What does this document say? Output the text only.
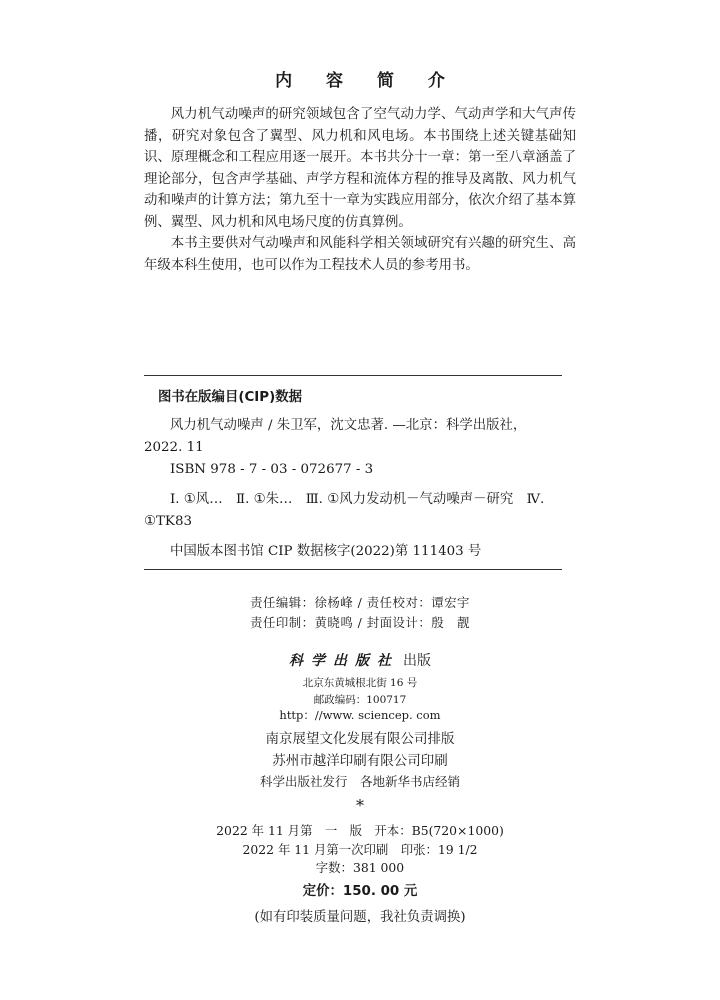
内 容 简 介

风力机气动噪声的研究领域包含了空气动力学、气动声学和大气声传播，研究对象包含了翼型、风力机和风电场。本书围绕上述关键基础知识、原理概念和工程应用逐一展开。本书共分十一章：第一至八章涵盖了理论部分，包含声学基础、声学方程和流体方程的推导及离散、风力机气动和噪声的计算方法；第九至十一章为实践应用部分，依次介绍了基本算例、翼型、风力机和风电场尺度的仿真算例。

本书主要供对气动噪声和风能科学相关领域研究有兴趣的研究生、高年级本科生使用，也可以作为工程技术人员的参考用书。

图书在版编目(CIP)数据

风力机气动噪声 / 朱卫军，沈文忠著. —北京：科学出版社，2022. 11

ISBN 978 - 7 - 03 - 072677 - 3

Ⅰ. ①风…　Ⅱ. ①朱…　Ⅲ. ①风力发动机－气动噪声－研究　Ⅳ. ①TK83

中国版本图书馆 CIP 数据核字(2022)第 111403 号

责任编辑：徐杨峰 / 责任校对：谭宏宇
责任印制：黄晓鸣 / 封面设计：殷　靓
科学出版社 出版
北京东黄城根北街 16 号
邮政编码：100717
http：//www. sciencep. com
南京展望文化发展有限公司排版
苏州市越洋印刷有限公司印刷
科学出版社发行　各地新华书店经销
*
2022 年 11 月第　一　版　开本：B5(720×1000)
2022 年 11 月第一次印刷　印张：19 1/2
字数：381 000
定价：150. 00 元
(如有印装质量问题，我社负责调换)
